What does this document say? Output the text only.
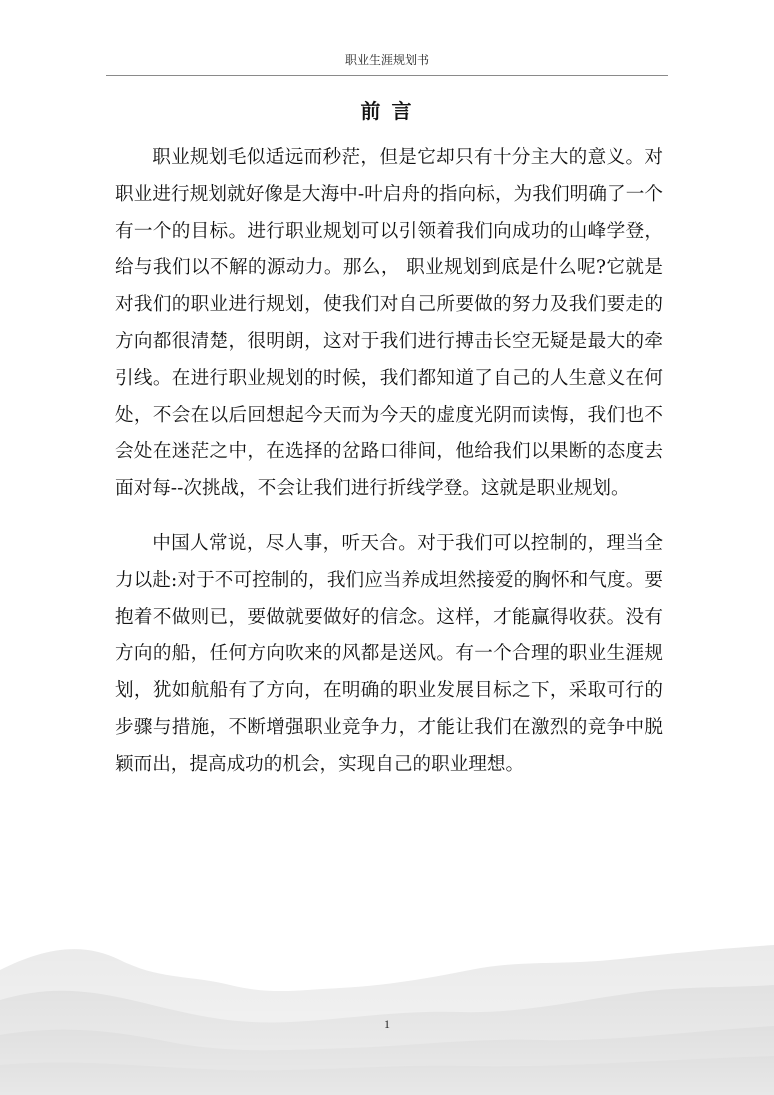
职业生涯规划书
前 言

职业规划毛似适远而秒茫，但是它却只有十分主大的意义。对职业进行规划就好像是大海中-叶启舟的指向标，为我们明确了一个有一个的目标。进行职业规划可以引领着我们向成功的山峰学登，给与我们以不解的源动力。那么， 职业规划到底是什么呢?它就是对我们的职业进行规划，使我们对自己所要做的努力及我们要走的方向都很清楚，很明朗，这对于我们进行搏击长空无疑是最大的牵引线。在进行职业规划的时候，我们都知道了自己的人生意义在何处，不会在以后回想起今天而为今天的虚度光阴而读悔，我们也不会处在迷茫之中，在选择的岔路口徘间，他给我们以果断的态度去面对每--次挑战，不会让我们进行折线学登。这就是职业规划。

中国人常说，尽人事，听天合。对于我们可以控制的，理当全力以赴:对于不可控制的，我们应当养成坦然接爱的胸怀和气度。要抱着不做则已，要做就要做好的信念。这样，才能赢得收获。没有方向的船，任何方向吹来的风都是送风。有一个合理的职业生涯规划，犹如航船有了方向，在明确的职业发展目标之下，采取可行的步骤与措施，不断增强职业竞争力，才能让我们在激烈的竞争中脱颖而出，提高成功的机会，实现自己的职业理想。

1
